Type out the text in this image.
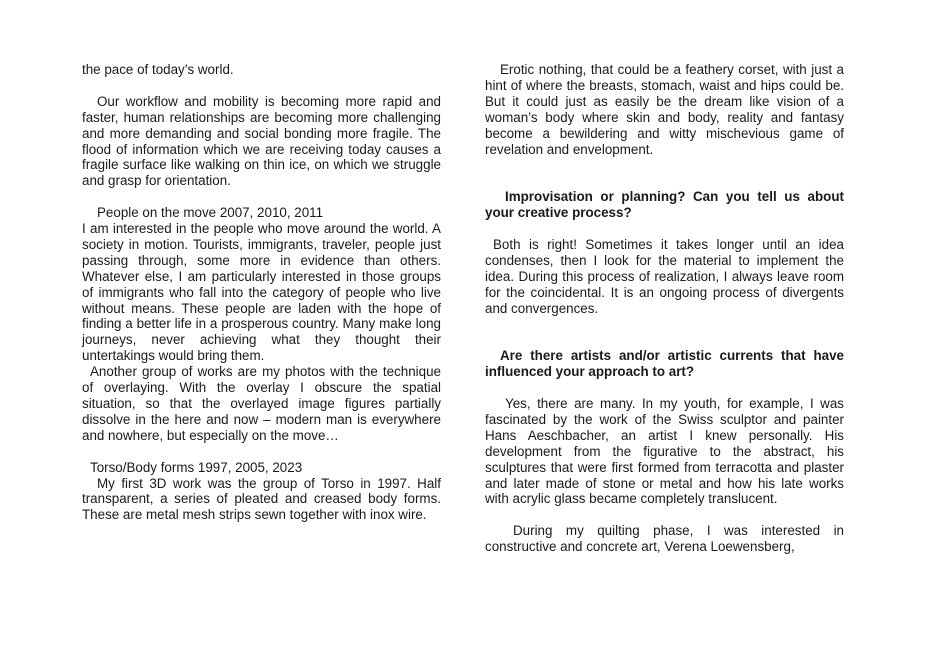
the pace of today’s world.

Our workflow and mobility is becoming more rapid and faster, human relationships are becoming more challenging and more demanding and social bonding more fragile. The flood of information which we are receiving today causes a fragile surface like walking on thin ice, on which we struggle and grasp for orientation.

People on the move 2007, 2010, 2011

I am interested in the people who move around the world. A society in motion. Tourists, immigrants, traveler, people just passing through, some more in evidence than others. Whatever else, I am particularly interested in those groups of immigrants who fall into the category of people who live without means. These people are laden with the hope of finding a better life in a prosperous country. Many make long journeys, never achieving what they thought their untertakings would bring them.

Another group of works are my photos with the technique of overlaying. With the overlay I obscure the spatial situation, so that the overlayed image figures partially dissolve in the here and now – modern man is everywhere and nowhere, but especially on the move…

Torso/Body forms 1997, 2005, 2023

My first 3D work was the group of Torso in 1997. Half transparent, a series of pleated and creased body forms. These are metal mesh strips sewn together with inox wire.

Erotic nothing, that could be a feathery corset, with just a hint of where the breasts, stomach, waist and hips could be. But it could just as easily be the dream like vision of a woman’s body where skin and body, reality and fantasy become a bewildering and witty mischevious game of revelation and envelopment.

Improvisation or planning? Can you tell us about your creative process?

Both is right! Sometimes it takes longer until an idea condenses, then I look for the material to implement the idea. During this process of realization, I always leave room for the coincidental. It is an ongoing process of divergents and convergences.

Are there artists and/or artistic currents that have influenced your approach to art?

Yes, there are many. In my youth, for example, I was fascinated by the work of the Swiss sculptor and painter Hans Aeschbacher, an artist I knew personally. His development from the figurative to the abstract, his sculptures that were first formed from terracotta and plaster and later made of stone or metal and how his late works with acrylic glass became completely translucent.

During my quilting phase, I was interested in constructive and concrete art, Verena Loewensberg,
